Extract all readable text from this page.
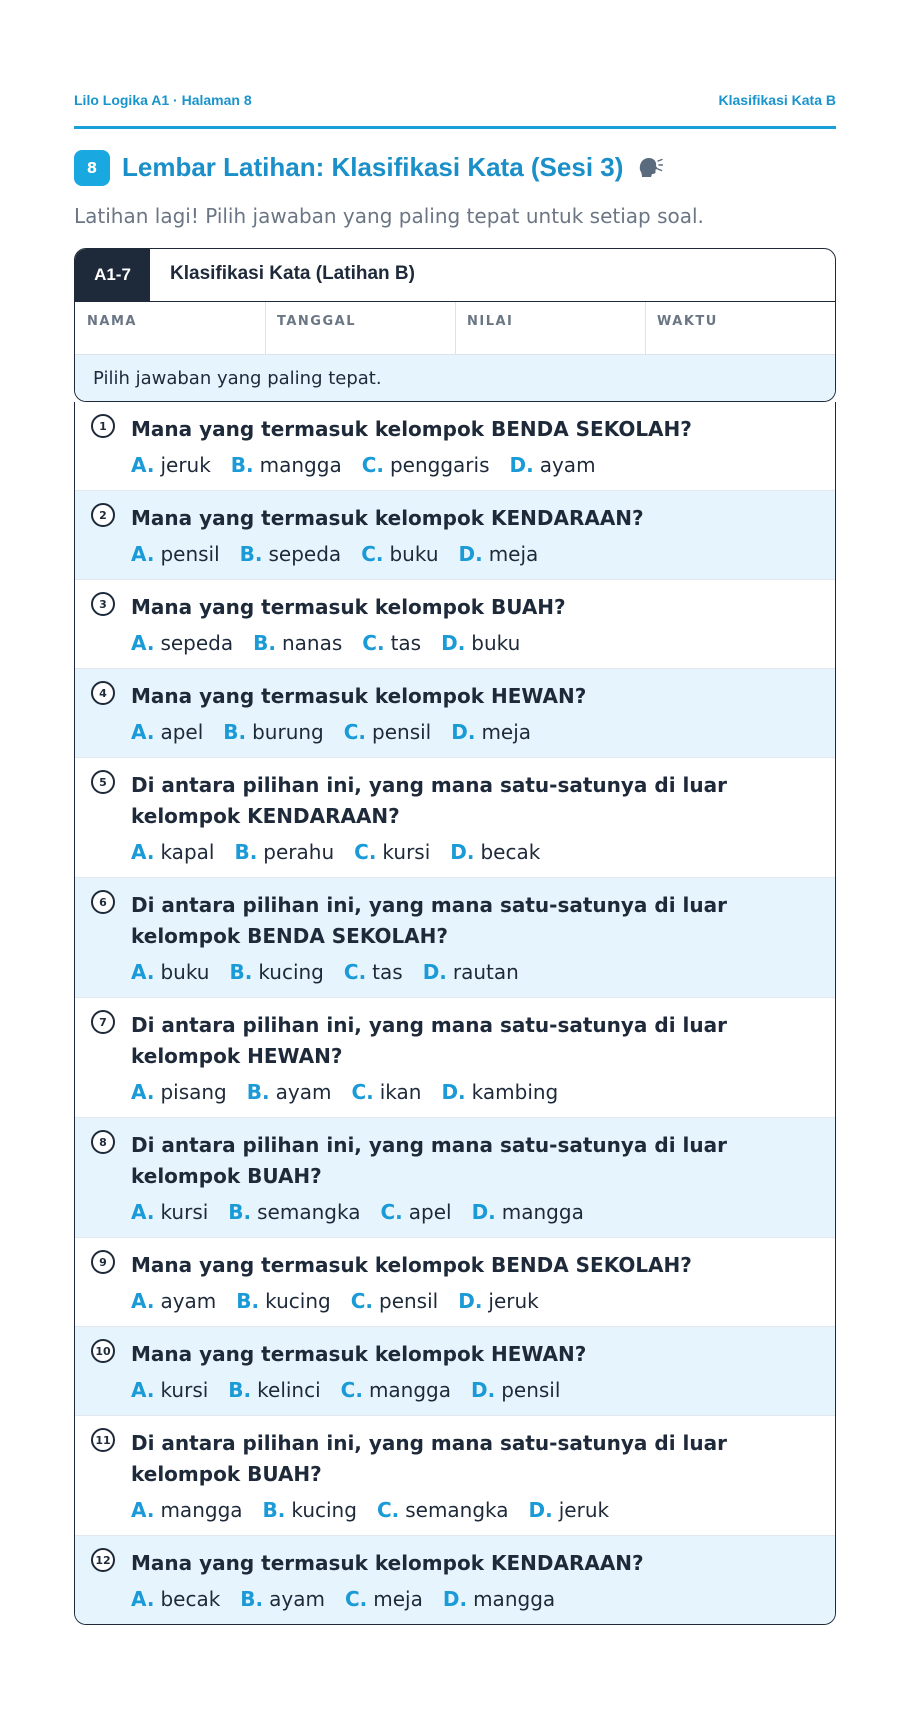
Lilo Logika A1 · Halaman 8	Klasifikasi Kata B
8 Lembar Latihan: Klasifikasi Kata (Sesi 3)
Latihan lagi! Pilih jawaban yang paling tepat untuk setiap soal.
A1-7	Klasifikasi Kata (Latihan B)
NAMA	TANGGAL	NILAI	WAKTU
Pilih jawaban yang paling tepat.
1	Mana yang termasuk kelompok BENDA SEKOLAH?
A. jeruk B. mangga C. penggaris D. ayam
2	Mana yang termasuk kelompok KENDARAAN?
A. pensil B. sepeda C. buku D. meja
3	Mana yang termasuk kelompok BUAH?
A. sepeda B. nanas C. tas D. buku
4	Mana yang termasuk kelompok HEWAN?
A. apel B. burung C. pensil D. meja
5	Di antara pilihan ini, yang mana satu-satunya di luar kelompok KENDARAAN?
A. kapal B. perahu C. kursi D. becak
6	Di antara pilihan ini, yang mana satu-satunya di luar kelompok BENDA SEKOLAH?
A. buku B. kucing C. tas D. rautan
7	Di antara pilihan ini, yang mana satu-satunya di luar kelompok HEWAN?
A. pisang B. ayam C. ikan D. kambing
8	Di antara pilihan ini, yang mana satu-satunya di luar kelompok BUAH?
A. kursi B. semangka C. apel D. mangga
9	Mana yang termasuk kelompok BENDA SEKOLAH?
A. ayam B. kucing C. pensil D. jeruk
10 Mana yang termasuk kelompok HEWAN?
A. kursi B. kelinci C. mangga D. pensil
11 Di antara pilihan ini, yang mana satu-satunya di luar kelompok BUAH?
A. mangga B. kucing C. semangka D. jeruk
12 Mana yang termasuk kelompok KENDARAAN?
A. becak B. ayam C. meja D. mangga
